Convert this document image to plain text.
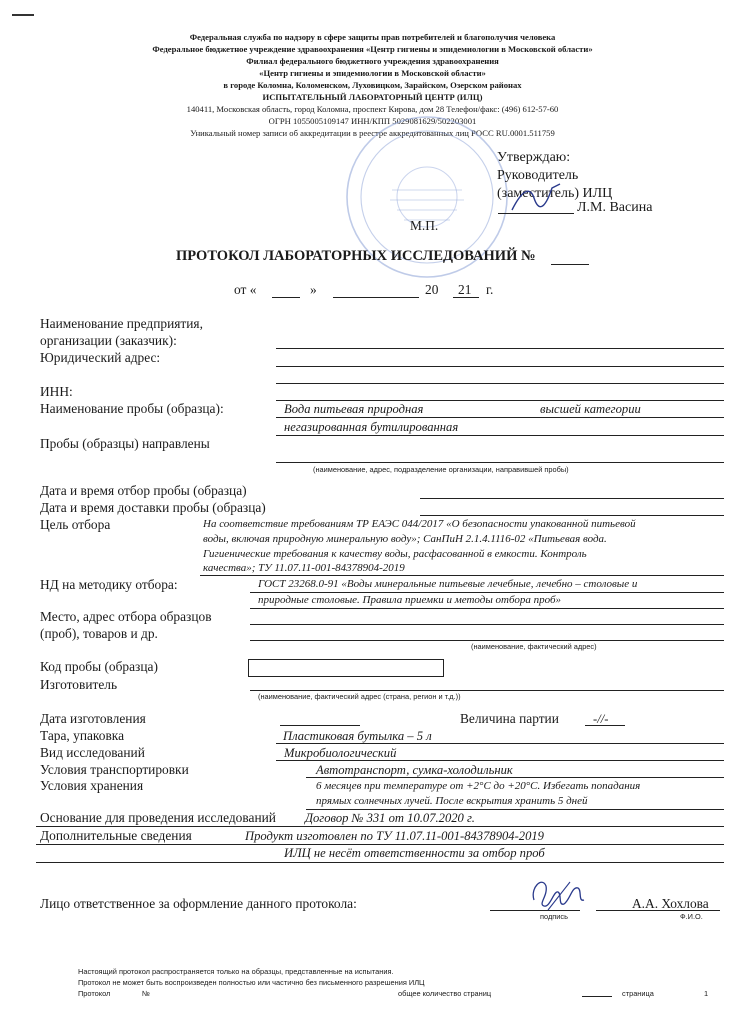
Федеральная служба по надзору в сфере защиты прав потребителей и благополучия человека
Федеральное бюджетное учреждение здравоохранения «Центр гигиены и эпидемиологии в Московской области»
Филиал федерального бюджетного учреждения здравоохранения
«Центр гигиены и эпидемиологии в Московской области»
в городе Коломна, Коломенском, Луховицком, Зарайском, Озерском районах
ИСПЫТАТЕЛЬНЫЙ ЛАБОРАТОРНЫЙ ЦЕНТР (ИЛЦ)
140411, Московская область, город Коломна, проспект Кирова, дом 28 Телефон/факс: (496) 612-57-60
ОГРН 1055005109147 ИНН/КПП 5029081629/502203001
Уникальный номер записи об аккредитации в реестре аккредитованных лиц РОСС RU.0001.511759
Утверждаю:
Руководитель
(заместитель) ИЛЦ
Л.М. Васина
М.П.
ПРОТОКОЛ ЛАБОРАТОРНЫХ ИССЛЕДОВАНИЙ №
от «	»	20 21 г.
Наименование предприятия,
организации (заказчик):
Юридический адрес:
ИНН:
Наименование пробы (образца):	Вода питьевая природная	высшей категории
негазированная бутилированная
Пробы (образцы) направлены
(наименование, адрес, подразделение организации, направившей пробы)
Дата и время отбор пробы (образца)
Дата и время доставки пробы (образца)
Цель отбора	На соответствие требованиям ТР ЕАЭС 044/2017 «О безопасности упакованной питьевой
воды, включая природную минеральную воду»; СанПиН 2.1.4.1116-02 «Питьевая вода.
Гигиенические требования к качеству воды, расфасованной в емкости. Контроль
качества»; ТУ 11.07.11-001-84378904-2019
НД на методику отбора:	ГОСТ 23268.0-91 «Воды минеральные питьевые лечебные, лечебно – столовые и
природные столовые. Правила приемки и методы отбора проб»
Место, адрес отбора образцов
(проб), товаров и др.
(наименование, фактический адрес)
Код пробы (образца)
Изготовитель
(наименование, фактический адрес (страна, регион и т.д.))
Дата изготовления	Величина партии	-//-
Тара, упаковка	Пластиковая бутылка – 5 л
Вид исследований	Микробиологический
Условия транспортировки	Автотранспорт, сумка-холодильник
Условия хранения	6 месяцев при температуре от +2°С до +20°С. Избегать попадания
прямых солнечных лучей. После вскрытия хранить 5 дней
Основание для проведения исследований Договор № 331 от 10.07.2020 г.
Дополнительные сведения	Продукт изготовлен по ТУ 11.07.11-001-84378904-2019
ИЛЦ не несёт ответственности за отбор проб
Лицо ответственное за оформление данного протокола:
подпись
А.А. Хохлова
Ф.И.О.
Настоящий протокол распространяется только на образцы, представленные на испытания.
Протокол не может быть воспроизведен полностью или частично без письменного разрешения ИЛЦ
Протокол	№	общее количество страниц	страница	1
